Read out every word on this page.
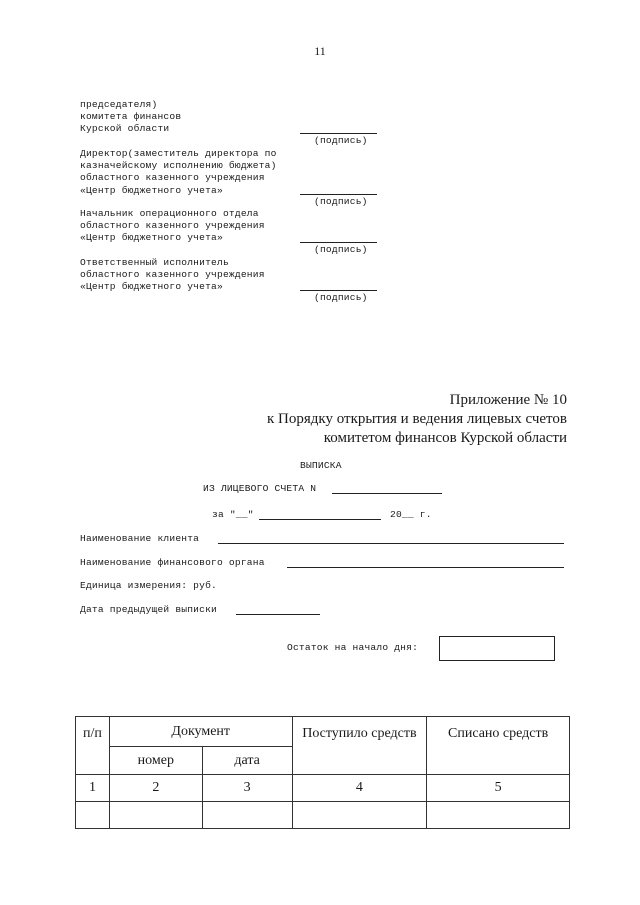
11
председателя)
комитета финансов
Курской области
(подпись)
Директор(заместитель директора по
казначейскому исполнению бюджета)
областного казенного учреждения
«Центр бюджетного учета»
(подпись)
Начальник операционного отдела
областного казенного учреждения
«Центр бюджетного учета»
(подпись)
Ответственный исполнитель
областного казенного учреждения
«Центр бюджетного учета»
(подпись)
Приложение № 10
к Порядку открытия и ведения лицевых счетов
комитетом финансов Курской области
ВЫПИСКА
ИЗ ЛИЦЕВОГО СЧЕТА N
за "__"	20__ г.
Наименование клиента
Наименование финансового органа
Единица измерения: руб.
Дата предыдущей выписки
Остаток на начало дня:
п/п	Документ		Поступило средств	Списано средств
	номер	дата		
1	2	3	4	5
